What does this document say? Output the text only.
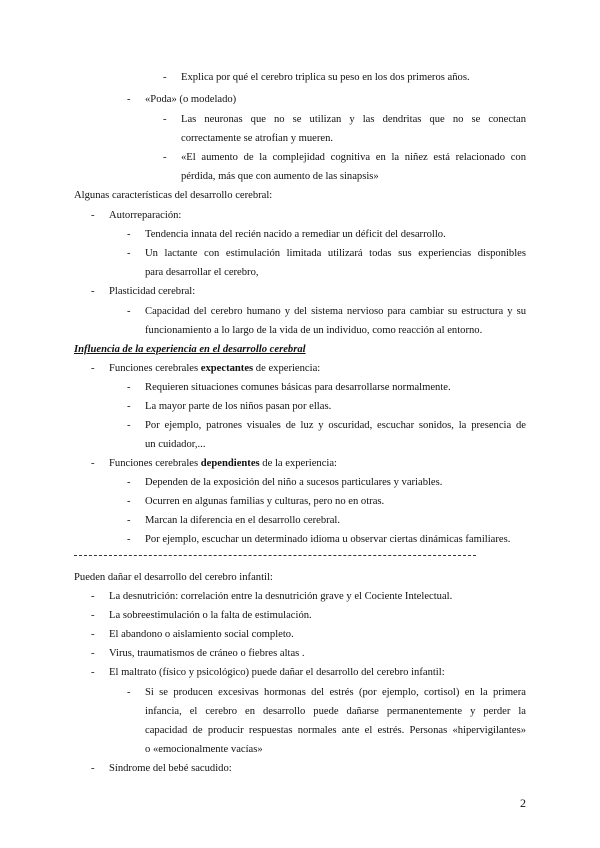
-	Explica por qué el cerebro triplica su peso en los dos primeros años.
-	«Poda» (o modelado)
-	Las neuronas que no se utilizan y las dendritas que no se conectan
correctamente se atrofian y mueren.
-	«El aumento de la complejidad cognitiva en la niñez está relacionado con
pérdida, más que con aumento de las sinapsis»
Algunas características del desarrollo cerebral:
-	Autorreparación:
-	Tendencia innata del recién nacido a remediar un déficit del desarrollo.
-	Un lactante con estimulación limitada utilizará todas sus experiencias disponibles
para desarrollar el cerebro,
-	Plasticidad cerebral:
-	Capacidad del cerebro humano y del sistema nervioso para cambiar su estructura y su
funcionamiento a lo largo de la vida de un individuo, como reacción al entorno.
Influencia de la experiencia en el desarrollo cerebral
-	Funciones cerebrales expectantes de experiencia:
-	Requieren situaciones comunes básicas para desarrollarse normalmente.
-	La mayor parte de los niños pasan por ellas.
-	Por ejemplo, patrones visuales de luz y oscuridad, escuchar sonidos, la presencia de
un cuidador,...
-	Funciones cerebrales dependientes de la experiencia:
-	Dependen de la exposición del niño a sucesos particulares y variables.
-	Ocurren en algunas familias y culturas, pero no en otras.
-	Marcan la diferencia en el desarrollo cerebral.
-	Por ejemplo, escuchar un determinado idioma u observar ciertas dinámicas familiares.
Pueden dañar el desarrollo del cerebro infantil:
-	La desnutrición: correlación entre la desnutrición grave y el Cociente Intelectual.
-	La sobreestimulación o la falta de estimulación.
-	El abandono o aislamiento social completo.
-	Virus, traumatismos de cráneo o fiebres altas .
-	El maltrato (físico y psicológico) puede dañar el desarrollo del cerebro infantil:
-	Si se producen excesivas hormonas del estrés (por ejemplo, cortisol) en la primera
infancia, el cerebro en desarrollo puede dañarse permanentemente y perder la
capacidad de producir respuestas normales ante el estrés. Personas «hipervigilantes»
o «emocionalmente vacías»
-	Síndrome del bebé sacudido:
2
